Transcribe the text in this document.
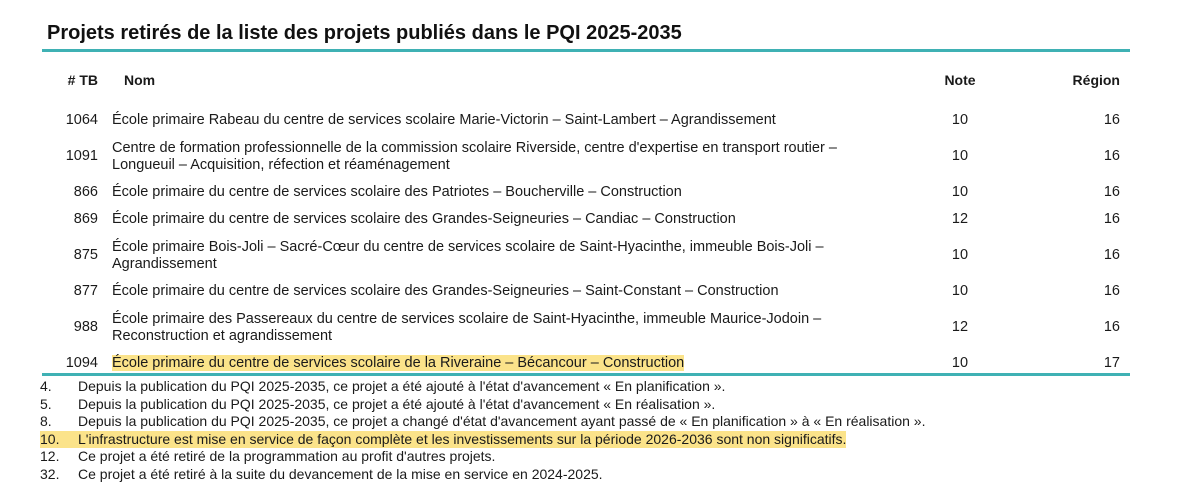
Projets retirés de la liste des projets publiés dans le PQI 2025-2035
# TB	Nom	Note	Région
1064	École primaire Rabeau du centre de services scolaire Marie-Victorin – Saint-Lambert – Agrandissement	10	16
1091	Centre de formation professionnelle de la commission scolaire Riverside, centre d'expertise en transport routier –
Longueuil – Acquisition, réfection et réaménagement	10	16
866	École primaire du centre de services scolaire des Patriotes – Boucherville – Construction	10	16
869	École primaire du centre de services scolaire des Grandes-Seigneuries – Candiac – Construction	12	16
875	École primaire Bois-Joli – Sacré-Cœur du centre de services scolaire de Saint-Hyacinthe, immeuble Bois-Joli –
Agrandissement	10	16
877	École primaire du centre de services scolaire des Grandes-Seigneuries – Saint-Constant – Construction	10	16
988	École primaire des Passereaux du centre de services scolaire de Saint-Hyacinthe, immeuble Maurice-Jodoin –
Reconstruction et agrandissement	12	16
1094	École primaire du centre de services scolaire de la Riveraine – Bécancour – Construction	10	17
4.	Depuis la publication du PQI 2025-2035, ce projet a été ajouté à l'état d'avancement « En planification ».
5.	Depuis la publication du PQI 2025-2035, ce projet a été ajouté à l'état d'avancement « En réalisation ».
8.	Depuis la publication du PQI 2025-2035, ce projet a changé d'état d'avancement ayant passé de « En planification » à « En réalisation ».
10.	L'infrastructure est mise en service de façon complète et les investissements sur la période 2026-2036 sont non significatifs.
12.	Ce projet a été retiré de la programmation au profit d'autres projets.
32.	Ce projet a été retiré à la suite du devancement de la mise en service en 2024-2025.
